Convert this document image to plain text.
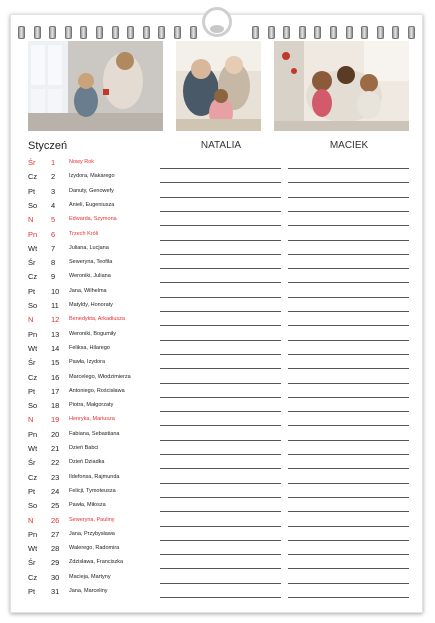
Styczeń	NATALIA	MACIEK
Śr 1	Nowy Rok
Cz 2	Izydora, Makarego
Pt 3	Danuty, Genowefy
So 4	Anieli, Eugeniusza
N 5	Edwarda, Szymona
Pn 6	Trzech Króli
Wt 7	Juliana, Lucjana
Śr 8	Seweryna, Teofila
Cz 9	Weroniki, Juliana
Pt 10 Jana, Wilhelma
So 11 Matyldy, Honoraty
N 12 Benedykta, Arkadiusza
Pn 13 Weroniki, Bogumiły
Wt 14 Feliksa, Hilarego
Śr 15 Pawła, Izydora
Cz 16 Marcelego, Włodzimierza
Pt 17 Antoniego, Rościsława
So 18 Piotra, Małgorzaty
N 19 Henryka, Mariusza
Pn 20 Fabiana, Sebastiana
Wt 21 Dzień Babci
Śr 22 Dzień Dziadka
Cz 23 Ildefonsa, Rajmunda
Pt 24 Felicji, Tymoteusza
So 25 Pawła, Miłosza
N 26 Seweryna, Pauliny
Pn 27 Jana, Przybysława
Wt 28 Walerego, Radomira
Śr 29 Zdzisława, Franciszka
Cz 30 Macieja, Martyny
Pt 31 Jana, Marceliny
